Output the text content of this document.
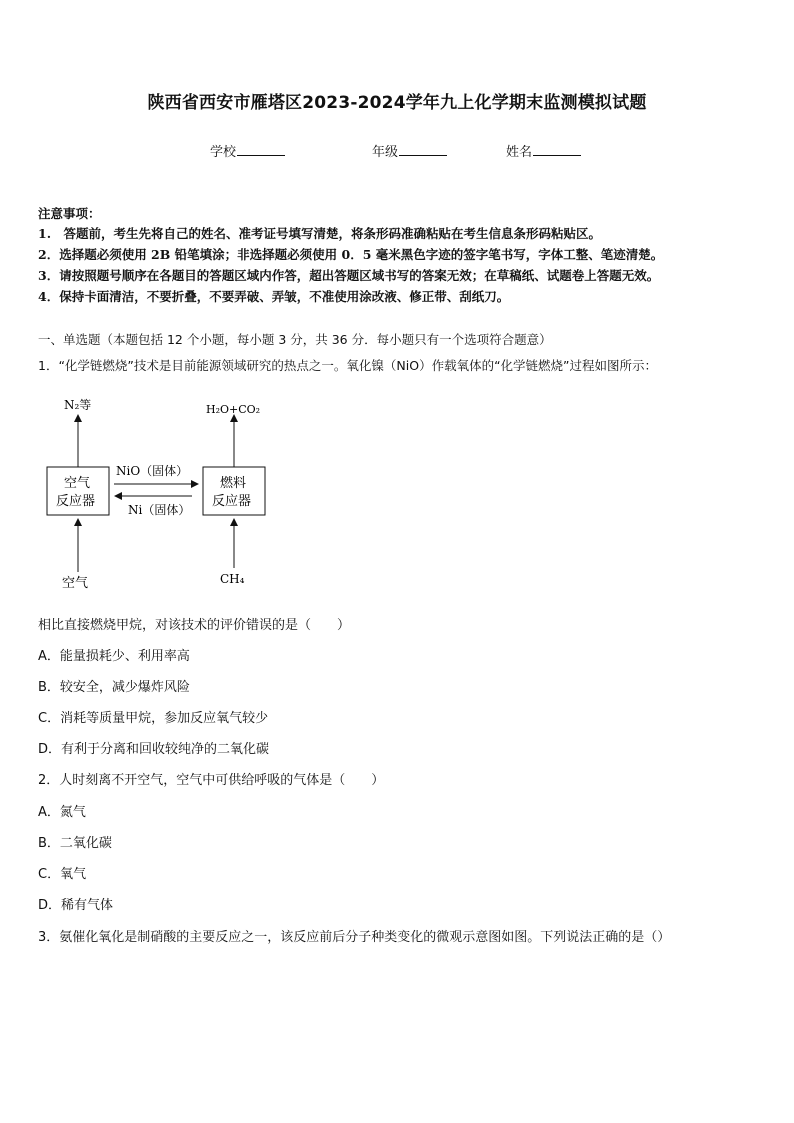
陕西省西安市雁塔区2023-2024学年九上化学期末监测模拟试题
学校	年级	姓名
注意事项：
1.　答题前，考生先将自己的姓名、准考证号填写清楚，将条形码准确粘贴在考生信息条形码粘贴区。
2．选择题必须使用 2B 铅笔填涂；非选择题必须使用 0．5 毫米黑色字迹的签字笔书写，字体工整、笔迹清楚。
3．请按照题号顺序在各题目的答题区域内作答，超出答题区域书写的答案无效；在草稿纸、试题卷上答题无效。
4．保持卡面清洁，不要折叠，不要弄破、弄皱，不准使用涂改液、修正带、刮纸刀。
一、单选题（本题包括 12 个小题，每小题 3 分，共 36 分．每小题只有一个选项符合题意）
1．“化学链燃烧”技术是目前能源领域研究的热点之一。氧化镍（NiO）作载氧体的“化学链燃烧”过程如图所示：
N₂等	H₂O+CO₂
空气
反应器
燃料
反应器
NiO（固体）
Ni（固体）
空气	CH₄
相比直接燃烧甲烷，对该技术的评价错误的是（　　）
A．能量损耗少、利用率高
B．较安全，减少爆炸风险
C．消耗等质量甲烷，参加反应氧气较少
D．有利于分离和回收较纯净的二氧化碳
2．人时刻离不开空气，空气中可供给呼吸的气体是（　　）
A．氮气
B．二氧化碳
C．氧气
D．稀有气体
3．氨催化氧化是制硝酸的主要反应之一，该反应前后分子种类变化的微观示意图如图。下列说法正确的是（）
